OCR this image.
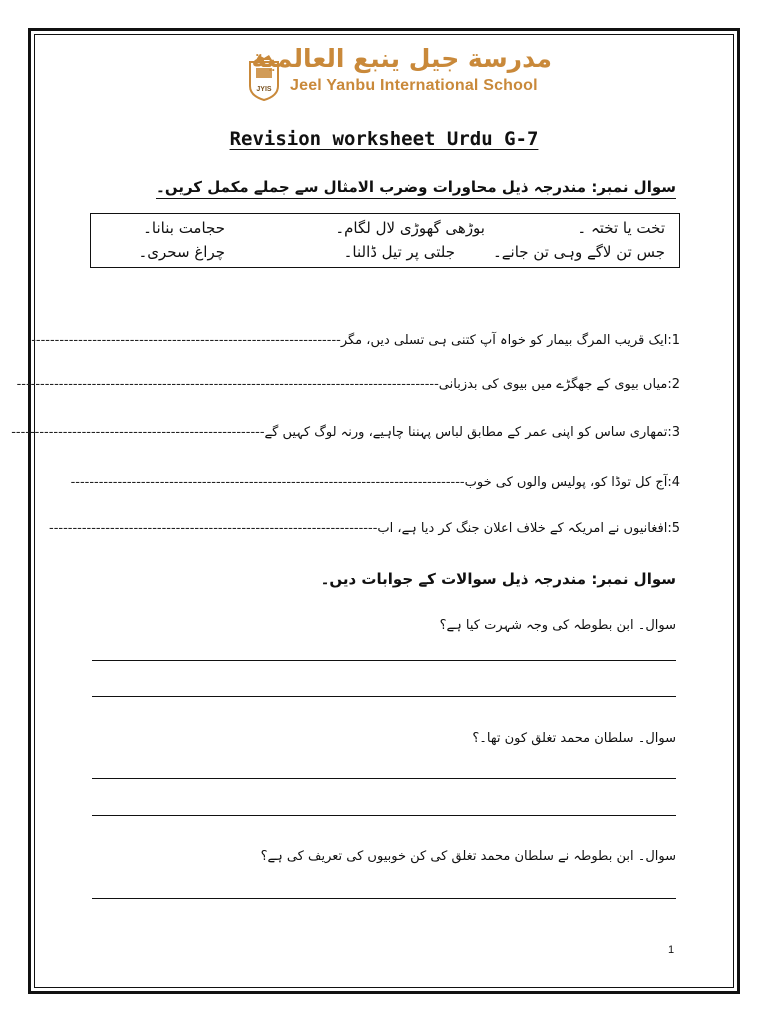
JYIS
مدرسة جيل ينبع العالمية
Jeel Yanbu International School
Revision worksheet Urdu G-7
سوال نمبر: مندرجہ ذیل محاورات وضرب الامثال سے جملے مکمل کریں۔
تخت یا تختہ ۔
بوڑھی گھوڑی لال لگام۔
حجامت بنانا۔
جس تن لاگے وہی تن جانے۔
جلتی پر تیل ڈالنا۔
چراغ سحری۔
1:ایک قریب المرگ بیمار کو خواہ آپ کتنی ہی تسلی دیں، مگر------------------------------------------------------------------
2:میاں بیوی کے جھگڑے میں بیوی کی بدزبانی------------------------------------------------------------------------------------------
3:تمھاری ساس کو اپنی عمر کے مطابق لباس پہننا چاہیے، ورنہ لوگ کہیں گے------------------------------------------------------
4:آج کل توڈا کو، پولیس والوں کی خوب------------------------------------------------------------------------------------
5:افغانیوں نے امریکہ کے خلاف اعلان جنگ کر دیا ہے، اب----------------------------------------------------------------------
سوال نمبر: مندرجہ ذیل سوالات کے جوابات دیں۔
سوال۔ ابن بطوطہ کی وجہ شہرت کیا ہے؟
سوال۔ سلطان محمد تغلق کون تھا۔؟
سوال۔ ابن بطوطہ نے سلطان محمد تغلق کی کن خوبیوں کی تعریف کی ہے؟
1
